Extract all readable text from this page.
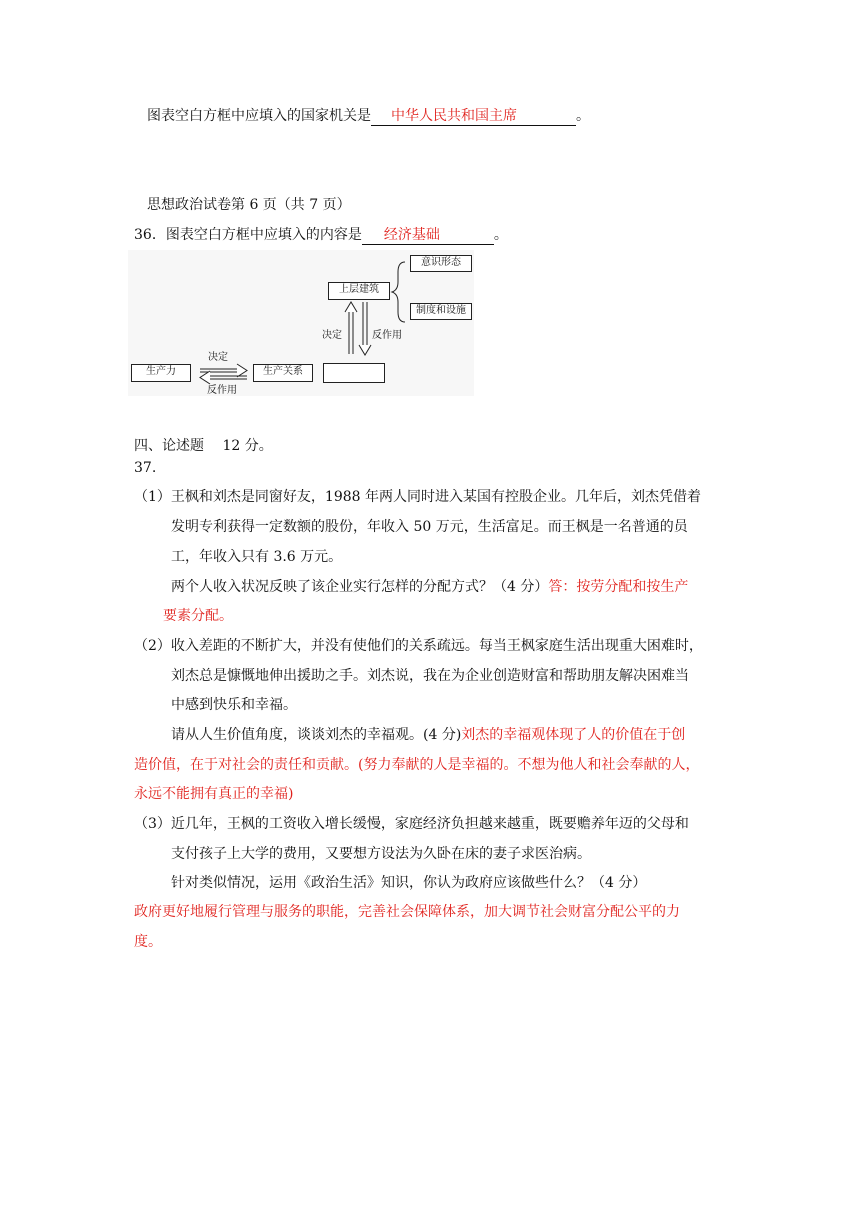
图表空白方框中应填入的国家机关是 中华人民共和国主席	。
思想政治试卷第 6 页（共 7 页）
36．图表空白方框中应填入的内容是 经济基础	。
生产力	生产关系
上层建筑
意识形态
制度和设施
决定
反作用
决定	反作用
四、论述题　 12 分。
37.
（1）王枫和刘杰是同窗好友，1988 年两人同时进入某国有控股企业。几年后，刘杰凭借着
发明专利获得一定数额的股份，年收入 50 万元，生活富足。而王枫是一名普通的员
工，年收入只有 3.6 万元。
两个人收入状况反映了该企业实行怎样的分配方式？（4 分）答：按劳分配和按生产
要素分配。
（2）收入差距的不断扩大，并没有使他们的关系疏远。每当王枫家庭生活出现重大困难时，
刘杰总是慷慨地伸出援助之手。刘杰说，我在为企业创造财富和帮助朋友解决困难当
中感到快乐和幸福。
请从人生价值角度，谈谈刘杰的幸福观。(4 分)刘杰的幸福观体现了人的价值在于创
造价值，在于对社会的责任和贡献。(努力奉献的人是幸福的。不想为他人和社会奉献的人，
永远不能拥有真正的幸福)
（3）近几年，王枫的工资收入增长缓慢，家庭经济负担越来越重，既要赡养年迈的父母和
支付孩子上大学的费用，又要想方设法为久卧在床的妻子求医治病。
针对类似情况，运用《政治生活》知识，你认为政府应该做些什么？（4 分）
政府更好地履行管理与服务的职能，完善社会保障体系，加大调节社会财富分配公平的力
度。
